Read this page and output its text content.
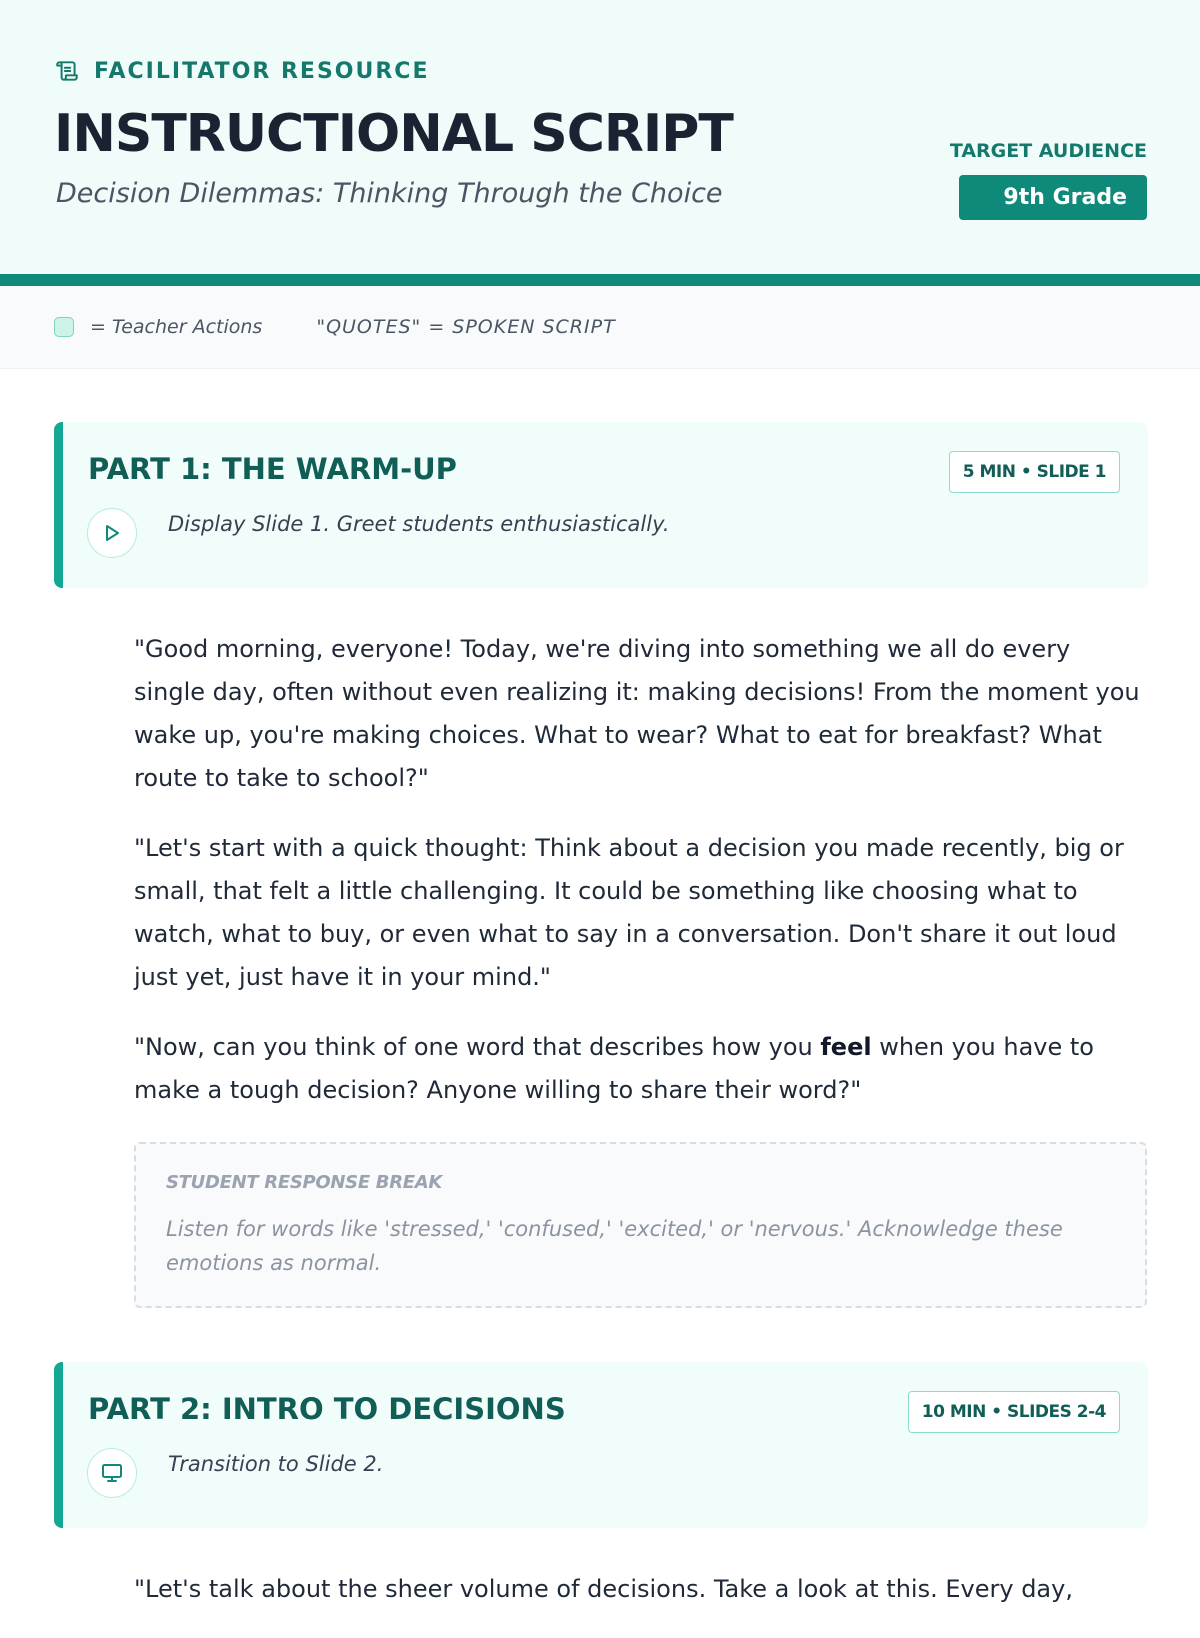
FACILITATOR RESOURCE
INSTRUCTIONAL SCRIPT
Decision Dilemmas: Thinking Through the Choice
TARGET AUDIENCE
9th Grade
= Teacher Actions	"QUOTES" = SPOKEN SCRIPT
PART 1: THE WARM-UP	5 MIN • SLIDE 1
Display Slide 1. Greet students enthusiastically.

"Good morning, everyone! Today, we're diving into something we all do every single day, often without even realizing it: making decisions! From the moment you wake up, you're making choices. What to wear? What to eat for breakfast? What route to take to school?"

"Let's start with a quick thought: Think about a decision you made recently, big or small, that felt a little challenging. It could be something like choosing what to watch, what to buy, or even what to say in a conversation. Don't share it out loud just yet, just have it in your mind."

"Now, can you think of one word that describes how you feel when you have to make a tough decision? Anyone willing to share their word?"

STUDENT RESPONSE BREAK
Listen for words like 'stressed,' 'confused,' 'excited,' or 'nervous.' Acknowledge these emotions as normal.
PART 2: INTRO TO DECISIONS	10 MIN • SLIDES 2-4
Transition to Slide 2.

"Let's talk about the sheer volume of decisions. Take a look at this. Every day,
